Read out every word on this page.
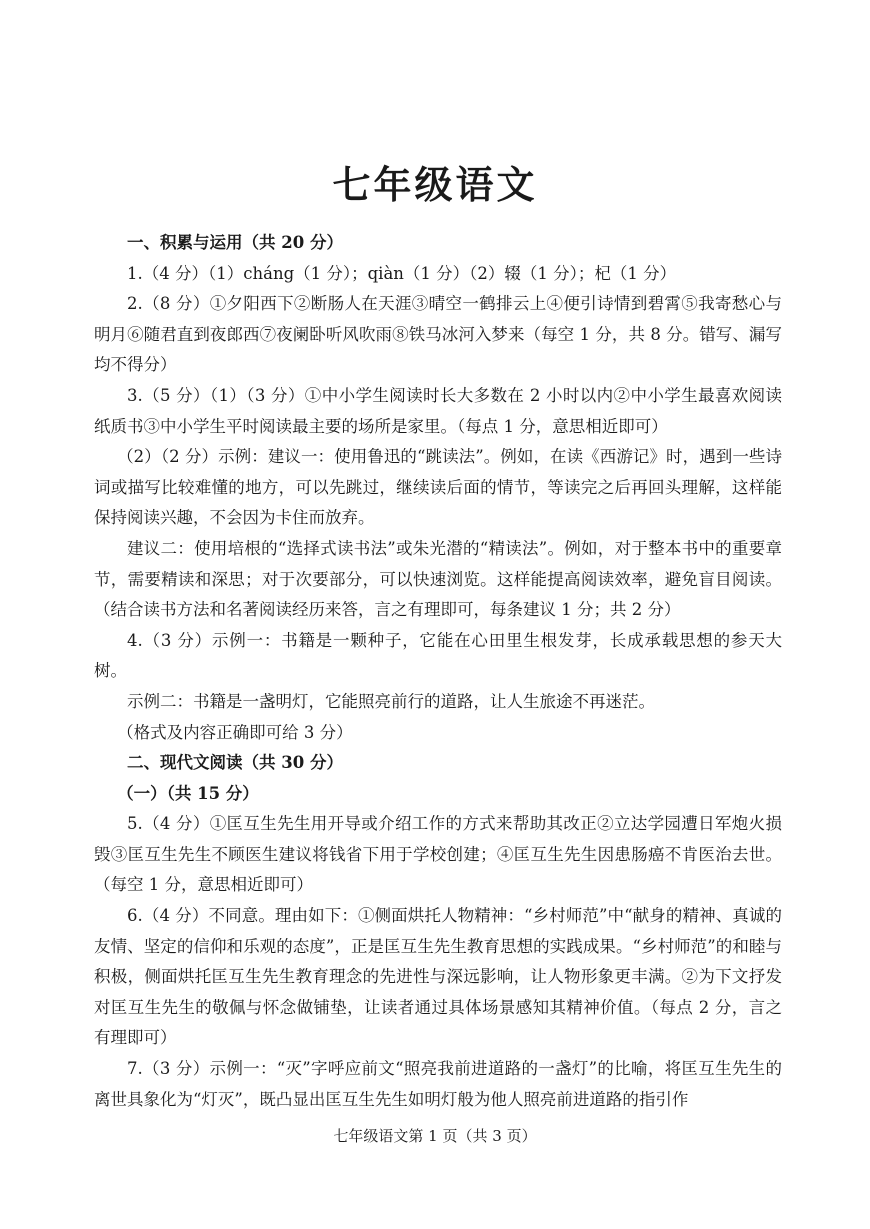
七年级语文

一、积累与运用（共 20 分）

1.（4 分）（1）cháng（1 分）；qiàn（1 分）（2）辍（1 分）；杞（1 分）

2.（8 分）①夕阳西下②断肠人在天涯③晴空一鹤排云上④便引诗情到碧霄⑤我寄愁心与明月⑥随君直到夜郎西⑦夜阑卧听风吹雨⑧铁马冰河入梦来（每空 1 分，共 8 分。错写、漏写均不得分）

3.（5 分）（1）（3 分）①中小学生阅读时长大多数在 2 小时以内②中小学生最喜欢阅读纸质书③中小学生平时阅读最主要的场所是家里。（每点 1 分，意思相近即可）

（2）（2 分）示例：建议一：使用鲁迅的“跳读法”。例如，在读《西游记》时，遇到一些诗词或描写比较难懂的地方，可以先跳过，继续读后面的情节，等读完之后再回头理解，这样能保持阅读兴趣，不会因为卡住而放弃。

建议二：使用培根的“选择式读书法”或朱光潜的“精读法”。例如，对于整本书中的重要章节，需要精读和深思；对于次要部分，可以快速浏览。这样能提高阅读效率，避免盲目阅读。（结合读书方法和名著阅读经历来答，言之有理即可，每条建议 1 分；共 2 分）

4.（3 分）示例一：书籍是一颗种子，它能在心田里生根发芽，长成承载思想的参天大树。

示例二：书籍是一盏明灯，它能照亮前行的道路，让人生旅途不再迷茫。

（格式及内容正确即可给 3 分）

二、现代文阅读（共 30 分）

（一）（共 15 分）

5.（4 分）①匡互生先生用开导或介绍工作的方式来帮助其改正②立达学园遭日军炮火损毁③匡互生先生不顾医生建议将钱省下用于学校创建；④匡互生先生因患肠癌不肯医治去世。（每空 1 分，意思相近即可）

6.（4 分）不同意。理由如下：①侧面烘托人物精神：“乡村师范”中“献身的精神、真诚的友情、坚定的信仰和乐观的态度”，正是匡互生先生教育思想的实践成果。“乡村师范”的和睦与积极，侧面烘托匡互生先生教育理念的先进性与深远影响，让人物形象更丰满。②为下文抒发对匡互生先生的敬佩与怀念做铺垫，让读者通过具体场景感知其精神价值。（每点 2 分，言之有理即可）

7.（3 分）示例一：“灭”字呼应前文“照亮我前进道路的一盏灯”的比喻，将匡互生先生的离世具象化为“灯灭”，既凸显出匡互生先生如明灯般为他人照亮前进道路的指引作

七年级语文第 1 页（共 3 页）
